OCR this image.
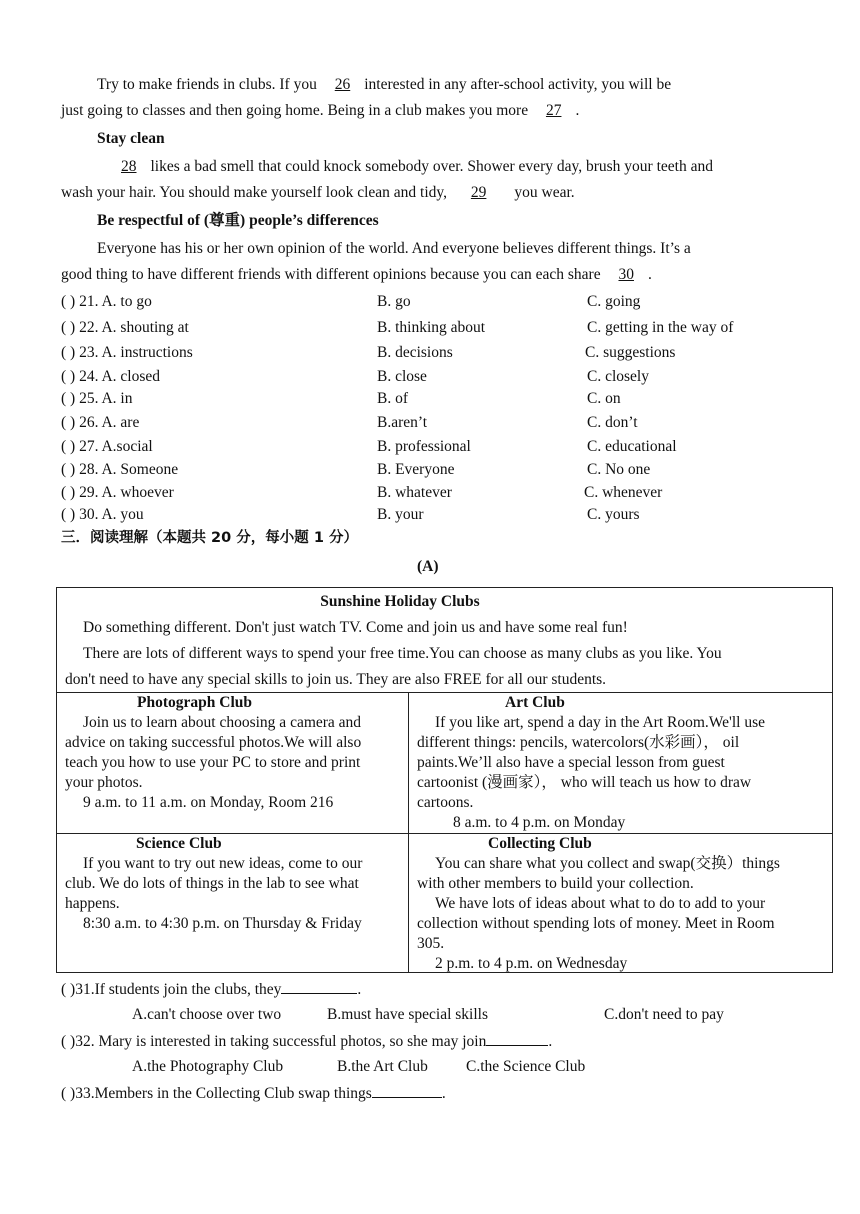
Try to make friends in clubs. If you 26 interested in any after-school activity, you will be
just going to classes and then going home. Being in a club makes you more 27 .
Stay clean
28 likes a bad smell that could knock somebody over. Shower every day, brush your teeth and
wash your hair. You should make yourself look clean and tidy, 29 you wear.
Be respectful of (尊重) people’s differences
Everyone has his or her own opinion of the world. And everyone believes different things. It’s a
good thing to have different friends with different opinions because you can each share 30 .
( ) 21. A. to go	B. go	C. going
( ) 22. A. shouting at	B. thinking about	C. getting in the way of
( ) 23. A. instructions	B. decisions	C. suggestions
( ) 24. A. closed	B. close	C. closely
( ) 25. A. in	B. of	C. on
( ) 26. A. are	B.aren’t	C. don’t
( ) 27. A.social	B. professional	C. educational
( ) 28. A. Someone	B. Everyone	C. No one
( ) 29. A. whoever	B. whatever	C. whenever
( ) 30. A. you	B. your	C. yours
三．阅读理解（本题共 20 分，每小题 1 分）
(A)
Sunshine Holiday Clubs
Do something different. Don't just watch TV. Come and join us and have some real fun!
There are lots of different ways to spend your free time.You can choose as many clubs as you like. You
don't need to have any special skills to join us. They are also FREE for all our students.
Photograph Club
Join us to learn about choosing a camera and
advice on taking successful photos.We will also
teach you how to use your PC to store and print
your photos.
9 a.m. to 11 a.m. on Monday, Room 216
Art Club
If you like art, spend a day in the Art Room.We'll use
different things: pencils, watercolors(水彩画）， oil
paints.We’ll also have a special lesson from guest
cartoonist (漫画家）， who will teach us how to draw
cartoons.
8 a.m. to 4 p.m. on Monday
Science Club
If you want to try out new ideas, come to our
club. We do lots of things in the lab to see what
happens.
8:30 a.m. to 4:30 p.m. on Thursday & Friday
Collecting Club
You can share what you collect and swap(交换）things
with other members to build your collection.
We have lots of ideas about what to do to add to your
collection without spending lots of money. Meet in Room
305.
2 p.m. to 4 p.m. on Wednesday
( )31.If students join the clubs, they	.
A.can't choose over two	B.must have special skills	C.don't need to pay
( )32. Mary is interested in taking successful photos, so she may join	.
A.the Photography Club	B.the Art Club C.the Science Club
( )33.Members in the Collecting Club swap things	.
